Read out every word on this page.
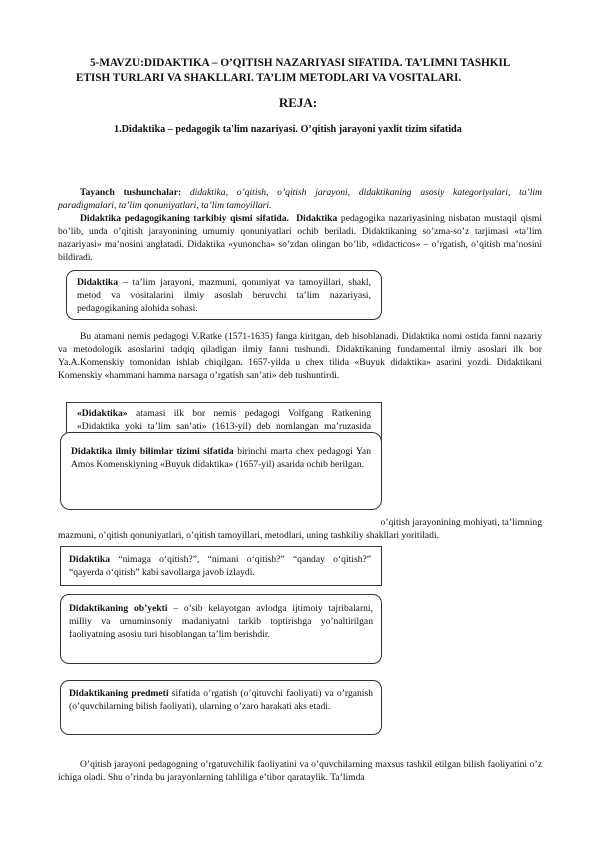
5-MAVZU:DIDAKTIKA – O’QITISH NAZARIYASI SIFATIDA. TA’LIMNI TASHKIL
ETISH TURLARI VA SHAKLLARI. TA’LIM METODLARI VA VOSITALARI.
REJA:
1.Didaktika – pedagogik ta'lim nazariyasi. O’qitish jarayoni yaxlit tizim sifatida

Tayanch tushunchalar: didaktika, o’qitish, o’qitish jarayoni, didaktikaning asosiy kategoriyalari, ta’lim paradigmalari, ta’lim qonuniyatlari, ta’lim tamoyillari.

Didaktika pedagogikaning tarkibiy qismi sifatida. Didaktika pedagogika nazariyasining nisbatan mustaqil qismi bo’lib, unda o’qitish jarayonining umumiy qonuniyatlari ochib beriladi. Didaktikaning so’zma-so’z tarjimasi «ta’lim nazariyasi» ma’nosini anglatadi. Didaktika «yunoncha» so’zdan olingan bo’lib, «didacticos» – o’rgatish, o’qitish ma’nosini bildiradi.

Didaktika – ta’lim jarayoni, mazmuni, qonuniyat va tamoyillari, shakl, metod va vositalarini ilmiy asoslab beruvchi ta’lim nazariyasi, pedagogikaning alohida sohasi.

Bu atamani nemis pedagogi V.Ratke (1571-1635) fanga kiritgan, deb hisoblanadi. Didaktika nomi ostida fanni nazariy va metodologik asoslarini tadqiq qiladigan ilmiy fanni tushundi. Didaktikaning fundamental ilmiy asoslari ilk bor Ya.A.Komenskiy tomonidan ishlab chiqilgan. 1657-yilda u chex tilida «Buyuk didaktika» asarini yozdi. Didaktikani Komenskiy «hammani hamma narsaga o’rgatish san’ati» deb tushuntirdi.

«Didaktika» atamasi ilk bor nemis pedagogi Volfgang Ratkening «Didaktika yoki ta’lim san’ati» (1613-yil) deb nomlangan ma’ruzasida
Didaktika ilmiy bilimlar tizimi sifatida birinchi marta chex pedagogi Yan Amos Komenskiyning «Buyuk didaktika» (1657-yil) asarida ochib berilgan.
o’qitish jarayonining mohiyati, ta’limning
mazmuni, o’qitish qonuniyatlari, o’qitish tamoyillari, metodlari, uning tashkiliy shakllari yoritiladi.
Didaktika “nimaga o‘qitish?”, “nimani o‘qitish?” “qanday o‘qitish?” “qayerda o‘qitish” kabi savollarga javob izlaydi.
Didaktikaning ob’yekti – o’sib kelayotgan avlodga ijtimoiy tajribalarni, milliy va umuminsoniy madaniyatni tarkib toptirishga yo’naltirilgan faoliyatning asosiu turi hisoblangan ta’lim berishdir.
Didaktikaning predmeti sifatida o’rgatish (o’qituvchi faoliyati) va o’rganish (o’quvchilarning bilish faoliyati), ularning o’zaro harakati aks etadi.

O’qitish jarayoni pedagogning o’rgatuvchilik faoliyatini va o’quvchilarning maxsus tashkil etilgan bilish faoliyatini o’z ichiga oladi. Shu o’rinda bu jarayonlarning tahliliga e’tibor qarataylik. Ta’limda
